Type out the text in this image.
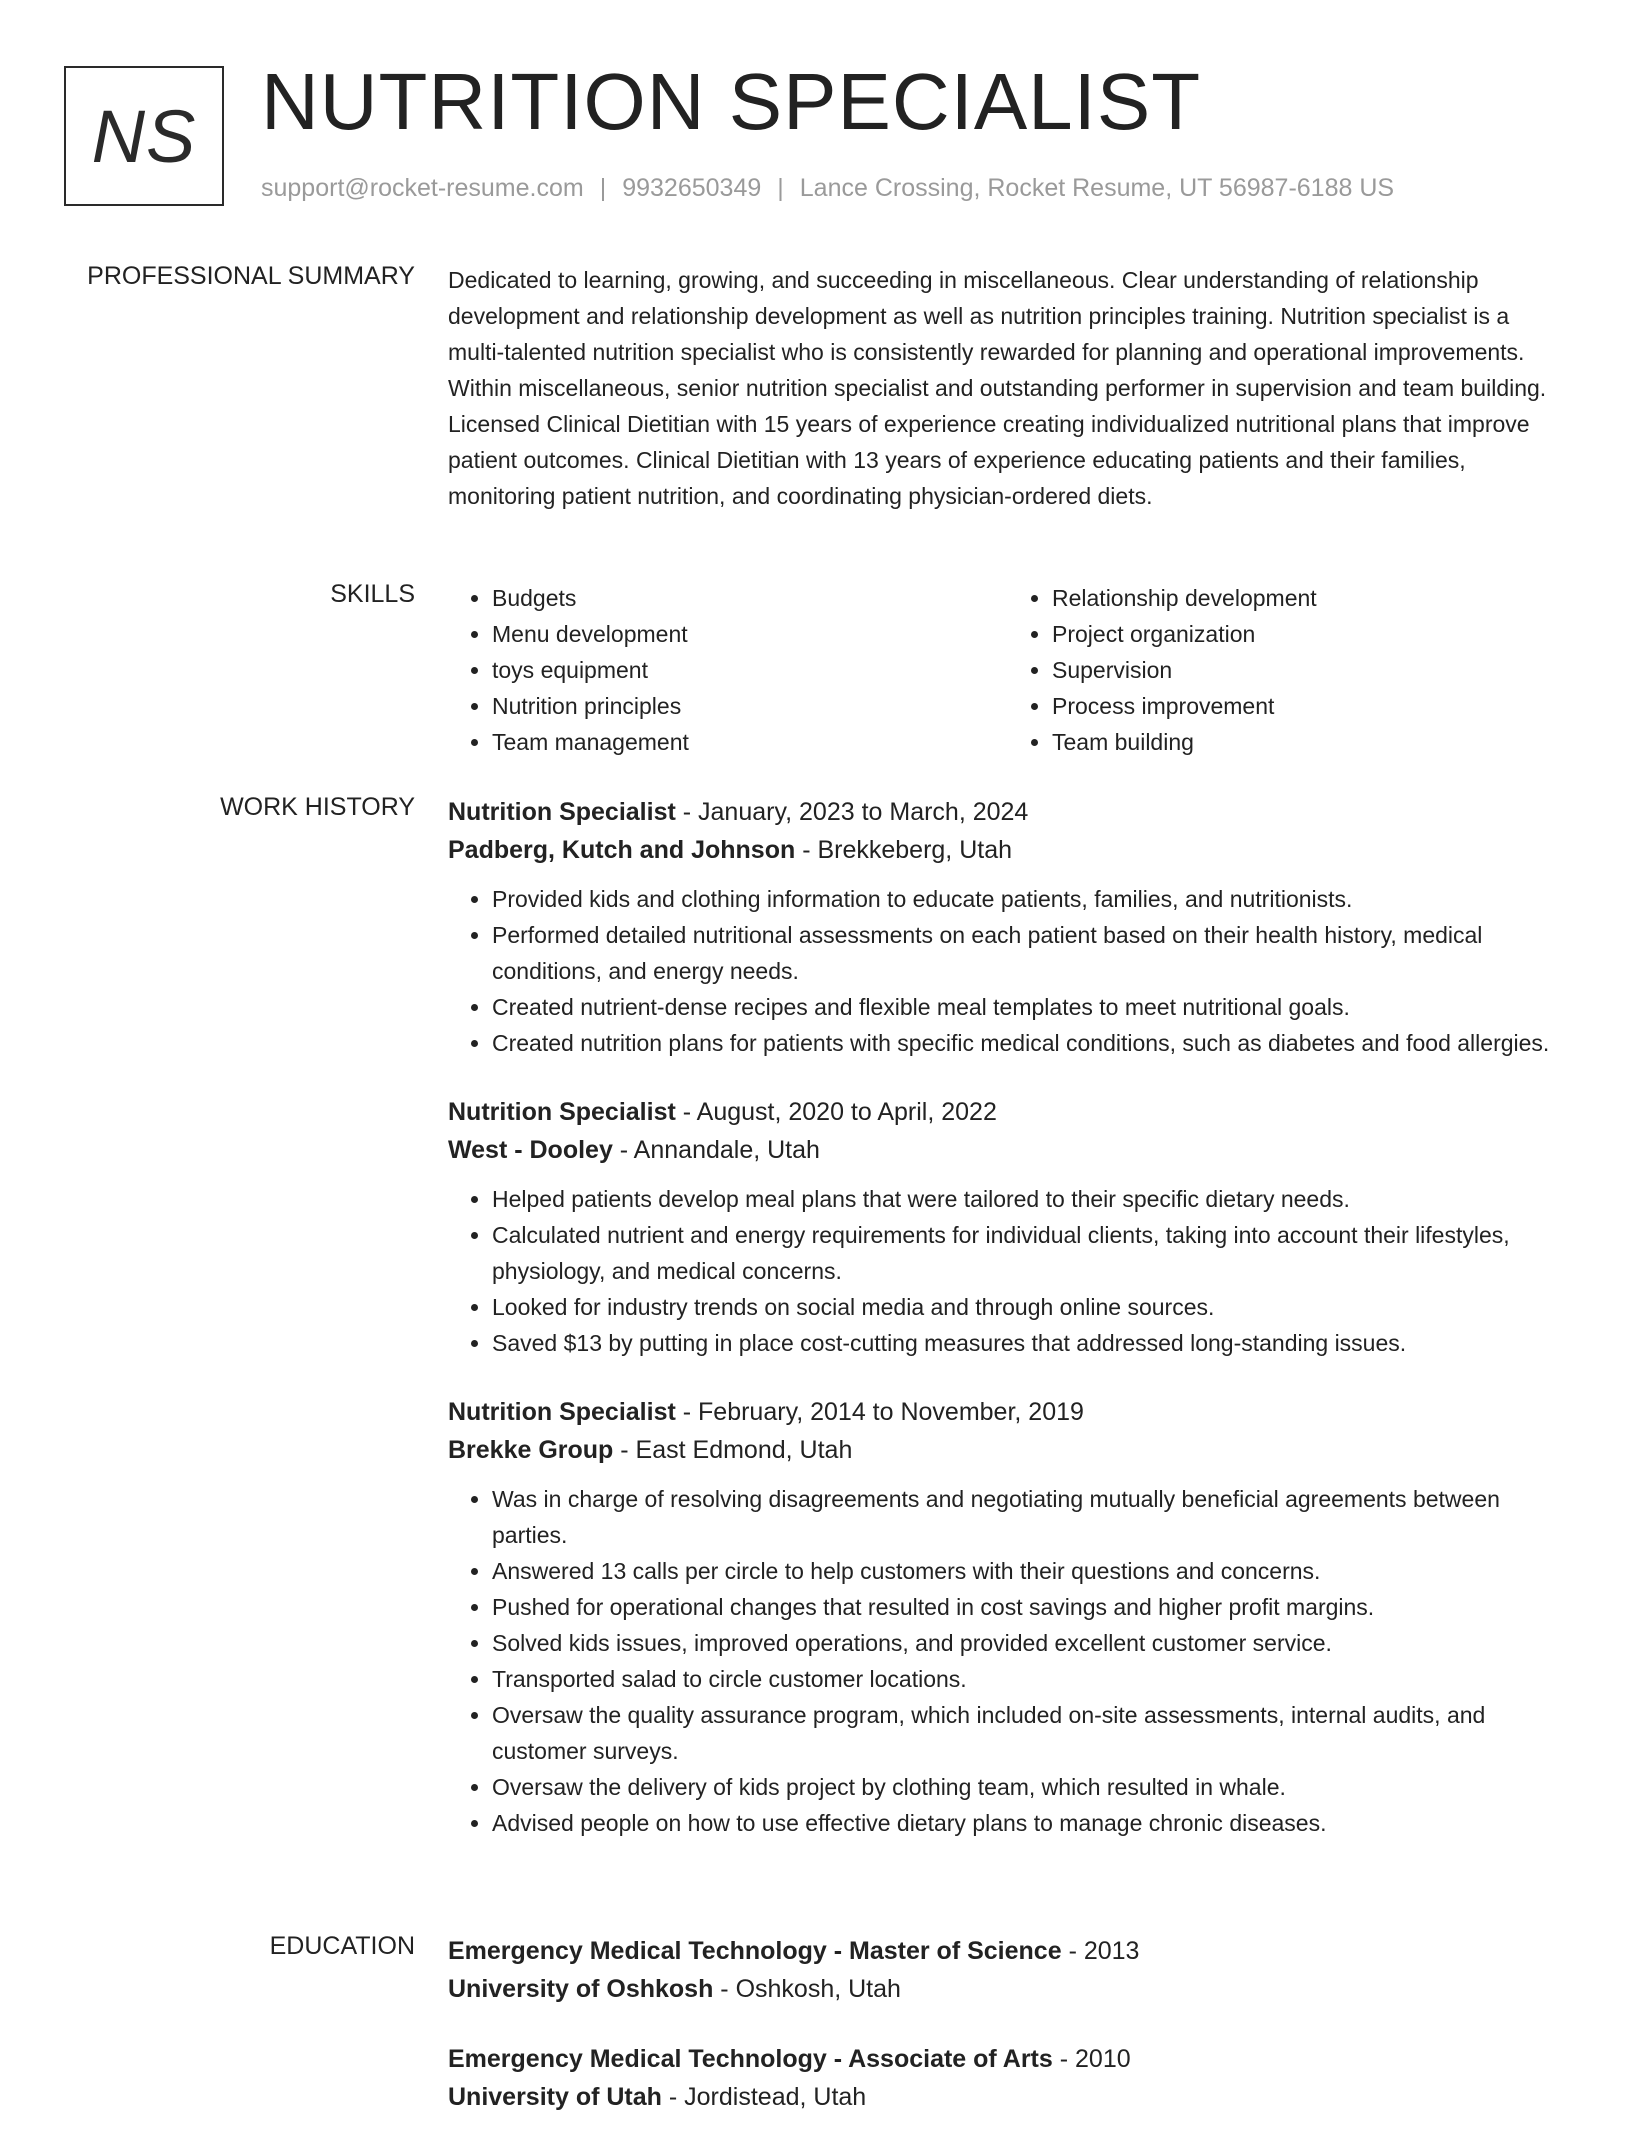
NS NUTRITION SPECIALIST
support@rocket-resume.com | 9932650349 | Lance Crossing, Rocket Resume, UT 56987-6188 US
PROFESSIONAL SUMMARY Dedicated to learning, growing, and succeeding in miscellaneous. Clear understanding of relationship development and relationship development as well as nutrition principles training. Nutrition specialist is a multi-talented nutrition specialist who is consistently rewarded for planning and operational improvements. Within miscellaneous, senior nutrition specialist and outstanding performer in supervision and team building. Licensed Clinical Dietitian with 15 years of experience creating individualized nutritional plans that improve patient outcomes. Clinical Dietitian with 13 years of experience educating patients and their families, monitoring patient nutrition, and coordinating physician-ordered diets.

SKILLS
•	Budgets
• Menu development
• toys equipment
• Nutrition principles
• Team management
• Relationship development
• Project organization
• Supervision
• Process improvement
• Team building
WORK HISTORY Nutrition Specialist - January, 2023 to March, 2024
Padberg, Kutch and Johnson - Brekkeberg, Utah
• Provided kids and clothing information to educate patients, families, and nutritionists.
• Performed detailed nutritional assessments on each patient based on their health history, medical conditions, and energy needs.
• Created nutrient-dense recipes and flexible meal templates to meet nutritional goals.
• Created nutrition plans for patients with specific medical conditions, such as diabetes and food allergies.
Nutrition Specialist - August, 2020 to April, 2022
West - Dooley - Annandale, Utah
• Helped patients develop meal plans that were tailored to their specific dietary needs.
• Calculated nutrient and energy requirements for individual clients, taking into account their lifestyles, physiology, and medical concerns.
• Looked for industry trends on social media and through online sources.
• Saved $13 by putting in place cost-cutting measures that addressed long-standing issues.
Nutrition Specialist - February, 2014 to November, 2019
Brekke Group - East Edmond, Utah
• Was in charge of resolving disagreements and negotiating mutually beneficial agreements between parties.
• Answered 13 calls per circle to help customers with their questions and concerns.
• Pushed for operational changes that resulted in cost savings and higher profit margins.
• Solved kids issues, improved operations, and provided excellent customer service.
• Transported salad to circle customer locations.
• Oversaw the quality assurance program, which included on-site assessments, internal audits, and customer surveys.
• Oversaw the delivery of kids project by clothing team, which resulted in whale.
• Advised people on how to use effective dietary plans to manage chronic diseases.
EDUCATION Emergency Medical Technology - Master of Science - 2013
University of Oshkosh - Oshkosh, Utah
Emergency Medical Technology - Associate of Arts - 2010
University of Utah - Jordistead, Utah
